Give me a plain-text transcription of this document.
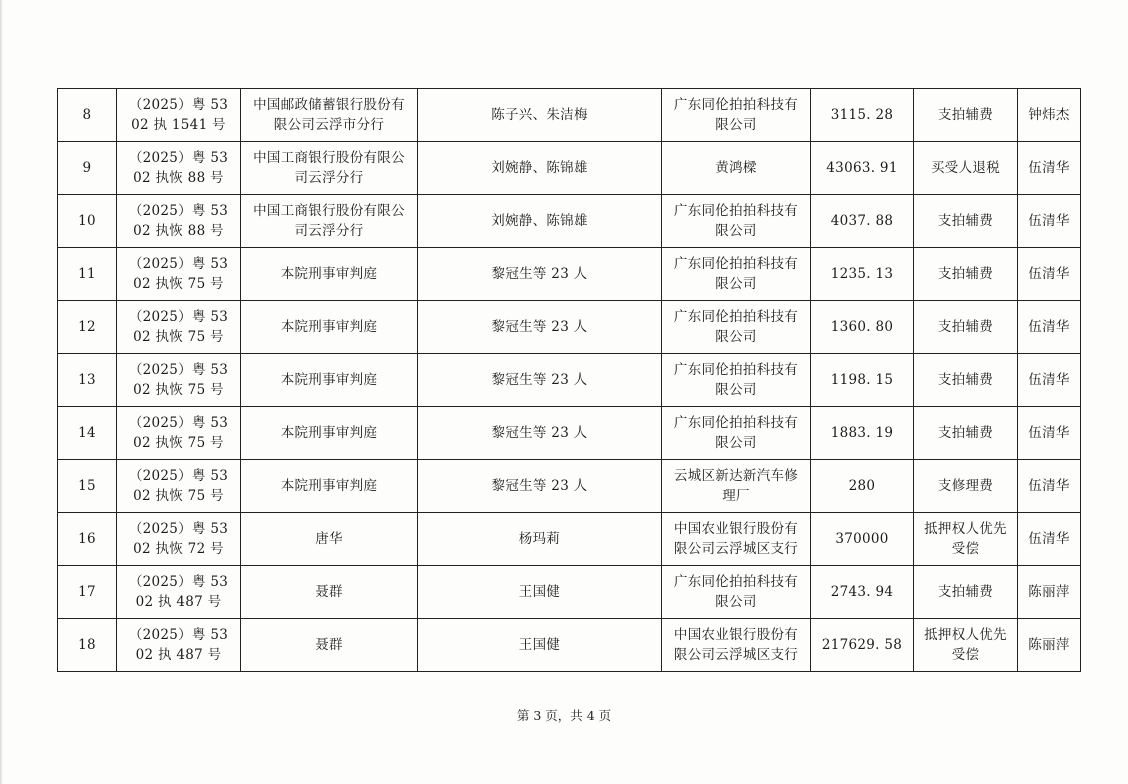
8	（2025）粤 5302 执 1541 号	中国邮政储蓄银行股份有限公司云浮市分行	陈子兴、朱洁梅	广东同伦拍拍科技有限公司	3115. 28	支拍辅费	钟炜杰
9	（2025）粤 5302 执恢 88 号	中国工商银行股份有限公司云浮分行	刘婉静、陈锦雄	黄鸿樑	43063. 91	买受人退税	伍清华
10	（2025）粤 5302 执恢 88 号	中国工商银行股份有限公司云浮分行	刘婉静、陈锦雄	广东同伦拍拍科技有限公司	4037. 88	支拍辅费	伍清华
11	（2025）粤 5302 执恢 75 号	本院刑事审判庭	黎冠生等 23 人	广东同伦拍拍科技有限公司	1235. 13	支拍辅费	伍清华
12	（2025）粤 5302 执恢 75 号	本院刑事审判庭	黎冠生等 23 人	广东同伦拍拍科技有限公司	1360. 80	支拍辅费	伍清华
13	（2025）粤 5302 执恢 75 号	本院刑事审判庭	黎冠生等 23 人	广东同伦拍拍科技有限公司	1198. 15	支拍辅费	伍清华
14	（2025）粤 5302 执恢 75 号	本院刑事审判庭	黎冠生等 23 人	广东同伦拍拍科技有限公司	1883. 19	支拍辅费	伍清华
15	（2025）粤 5302 执恢 75 号	本院刑事审判庭	黎冠生等 23 人	云城区新达新汽车修理厂	280	支修理费	伍清华
16	（2025）粤 5302 执恢 72 号	唐华	杨玛莉	中国农业银行股份有限公司云浮城区支行	370000	抵押权人优先受偿	伍清华
17	（2025）粤 5302 执 487 号	聂群	王国健	广东同伦拍拍科技有限公司	2743. 94	支拍辅费	陈丽萍
18	（2025）粤 5302 执 487 号	聂群	王国健	中国农业银行股份有限公司云浮城区支行	217629. 58	抵押权人优先受偿	陈丽萍
第 3 页，共 4 页
